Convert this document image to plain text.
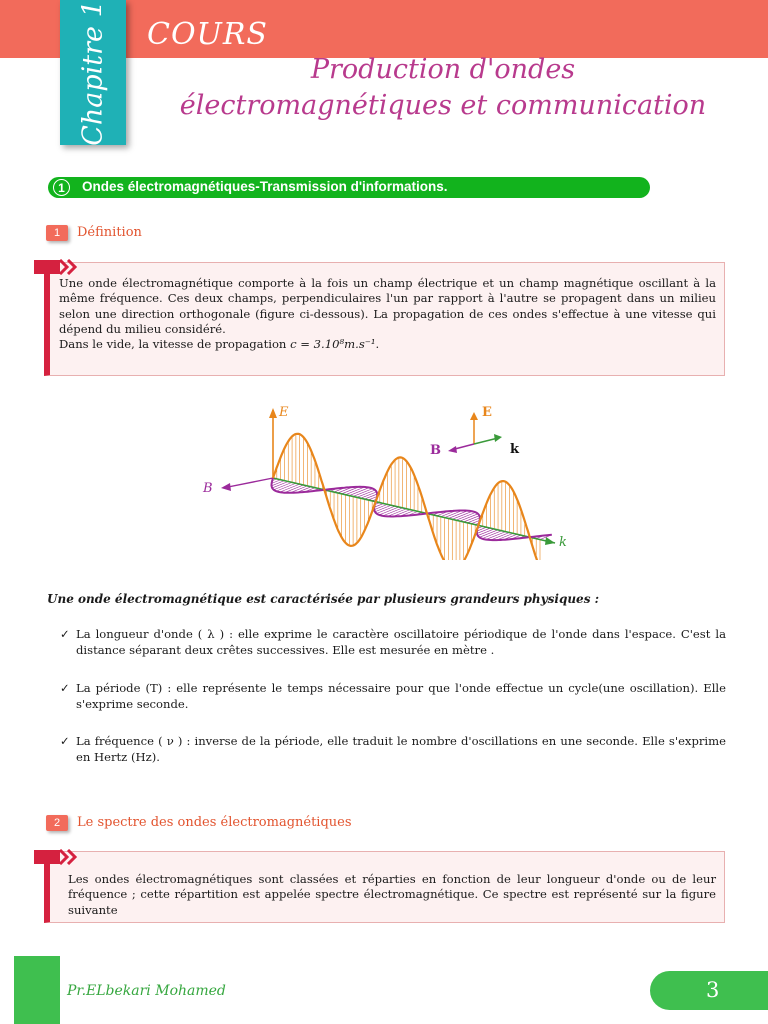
Chapitre 1 COURS
Production d'ondes
électromagnétiques et communication
1	Ondes électromagnétiques-Transmission d'informations.
1	Définition

Une onde électromagnétique comporte à la fois un champ électrique et un champ magnétique oscillant à la même fréquence. Ces deux champs, perpendiculaires l'un par rapport à l'autre se propagent dans un milieu selon une direction orthogonale (figure ci-dessous). La propagation de ces ondes s'effectue à une vitesse qui dépend du milieu considéré.

Dans le vide, la vitesse de propagation c = 3.10⁸m.s⁻¹.

E
B
k
E
B	k
Une onde électromagnétique est caractérisée par plusieurs grandeurs physiques :
✓ La longueur d'onde ( λ ) : elle exprime le caractère oscillatoire périodique de l'onde dans l'espace. C'est la distance séparant deux crêtes successives. Elle est mesurée en mètre .
✓ La période (T) : elle représente le temps nécessaire pour que l'onde effectue un cycle(une oscillation). Elle s'exprime seconde.
✓ La fréquence ( ν ) : inverse de la période, elle traduit le nombre d'oscillations en une seconde. Elle s'exprime en Hertz (Hz).
2	Le spectre des ondes électromagnétiques

Les ondes électromagnétiques sont classées et réparties en fonction de leur longueur d'onde ou de leur fréquence ; cette répartition est appelée spectre électromagnétique. Ce spectre est représenté sur la figure suivante

Pr.ELbekari Mohamed	3
